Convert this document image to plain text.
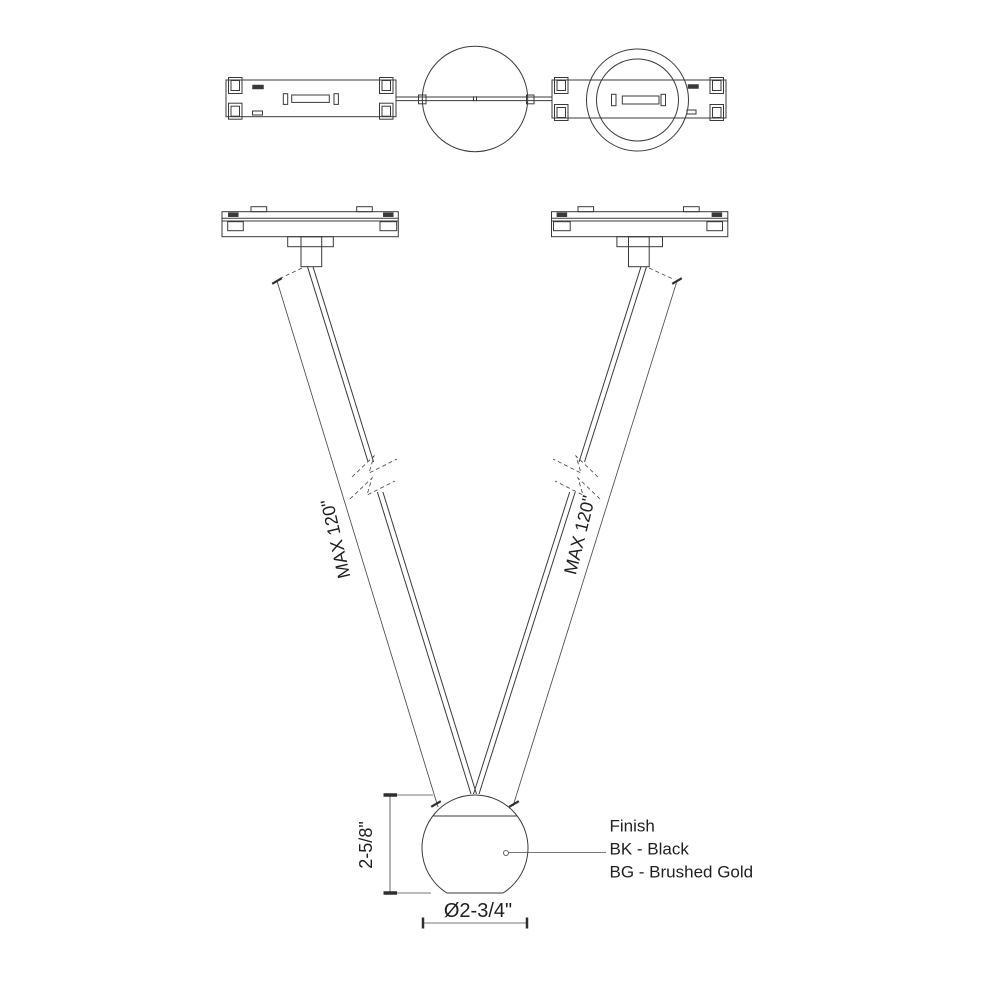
MAX 120"	MAX 120"
2-5/8"
Ø2-3/4"
Finish
BK - Black
BG - Brushed Gold
